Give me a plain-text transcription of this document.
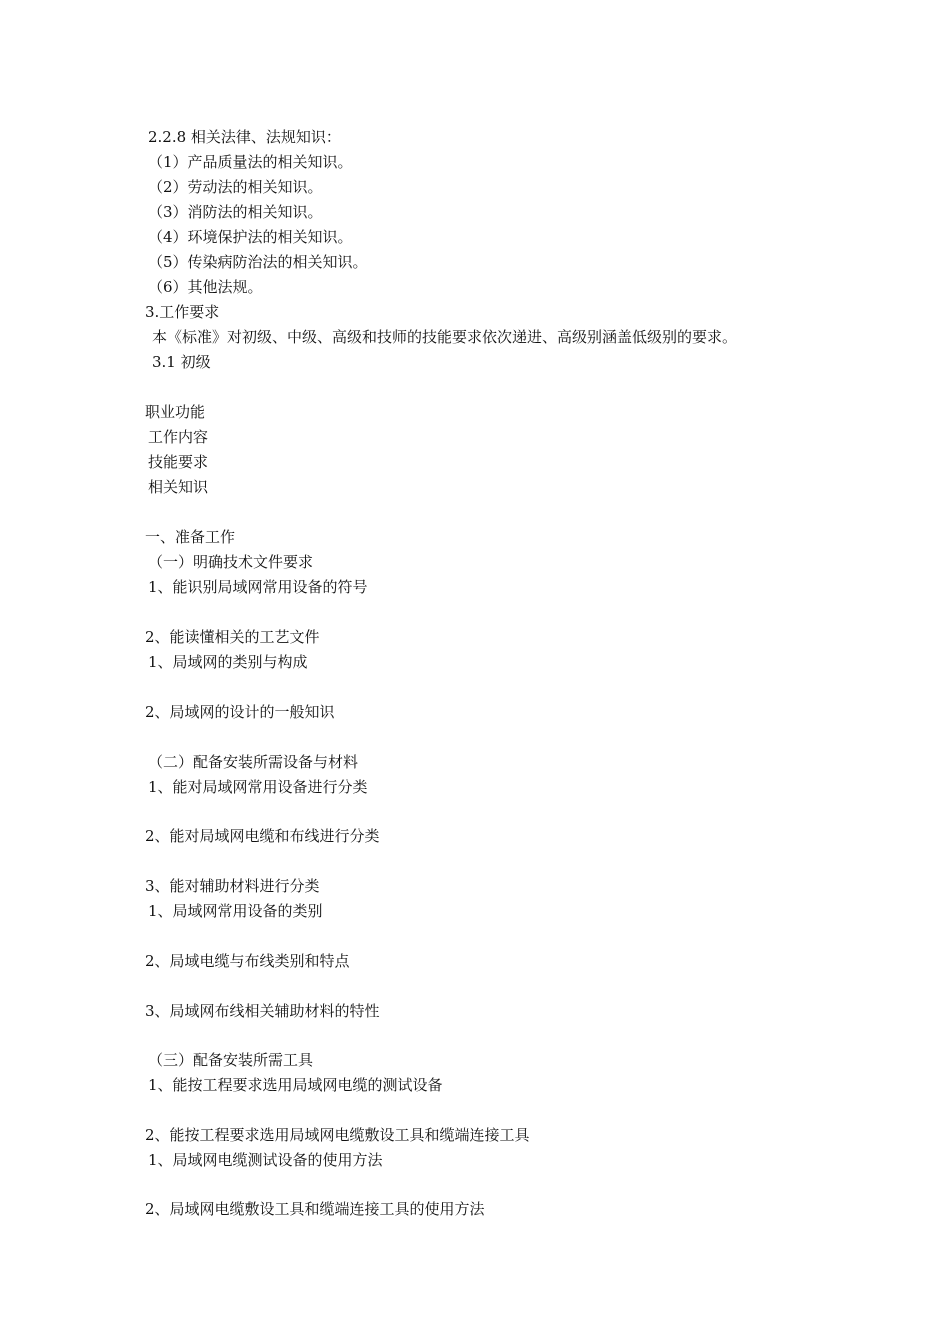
2.2.8 相关法律、法规知识：
（1）产品质量法的相关知识。
（2）劳动法的相关知识。
（3）消防法的相关知识。
（4）环境保护法的相关知识。
（5）传染病防治法的相关知识。
（6）其他法规。
3.工作要求
本《标准》对初级、中级、高级和技师的技能要求依次递进、高级别涵盖低级别的要求。
3.1 初级
职业功能
工作内容
技能要求
相关知识
一、准备工作
（一）明确技术文件要求
1、能识别局域网常用设备的符号
2、能读懂相关的工艺文件
1、局域网的类别与构成
2、局域网的设计的一般知识
（二）配备安装所需设备与材料
1、能对局域网常用设备进行分类
2、能对局域网电缆和布线进行分类
3、能对辅助材料进行分类
1、局域网常用设备的类别
2、局域电缆与布线类别和特点
3、局域网布线相关辅助材料的特性
（三）配备安装所需工具
1、能按工程要求选用局域网电缆的测试设备
2、能按工程要求选用局域网电缆敷设工具和缆端连接工具
1、局域网电缆测试设备的使用方法
2、局域网电缆敷设工具和缆端连接工具的使用方法
